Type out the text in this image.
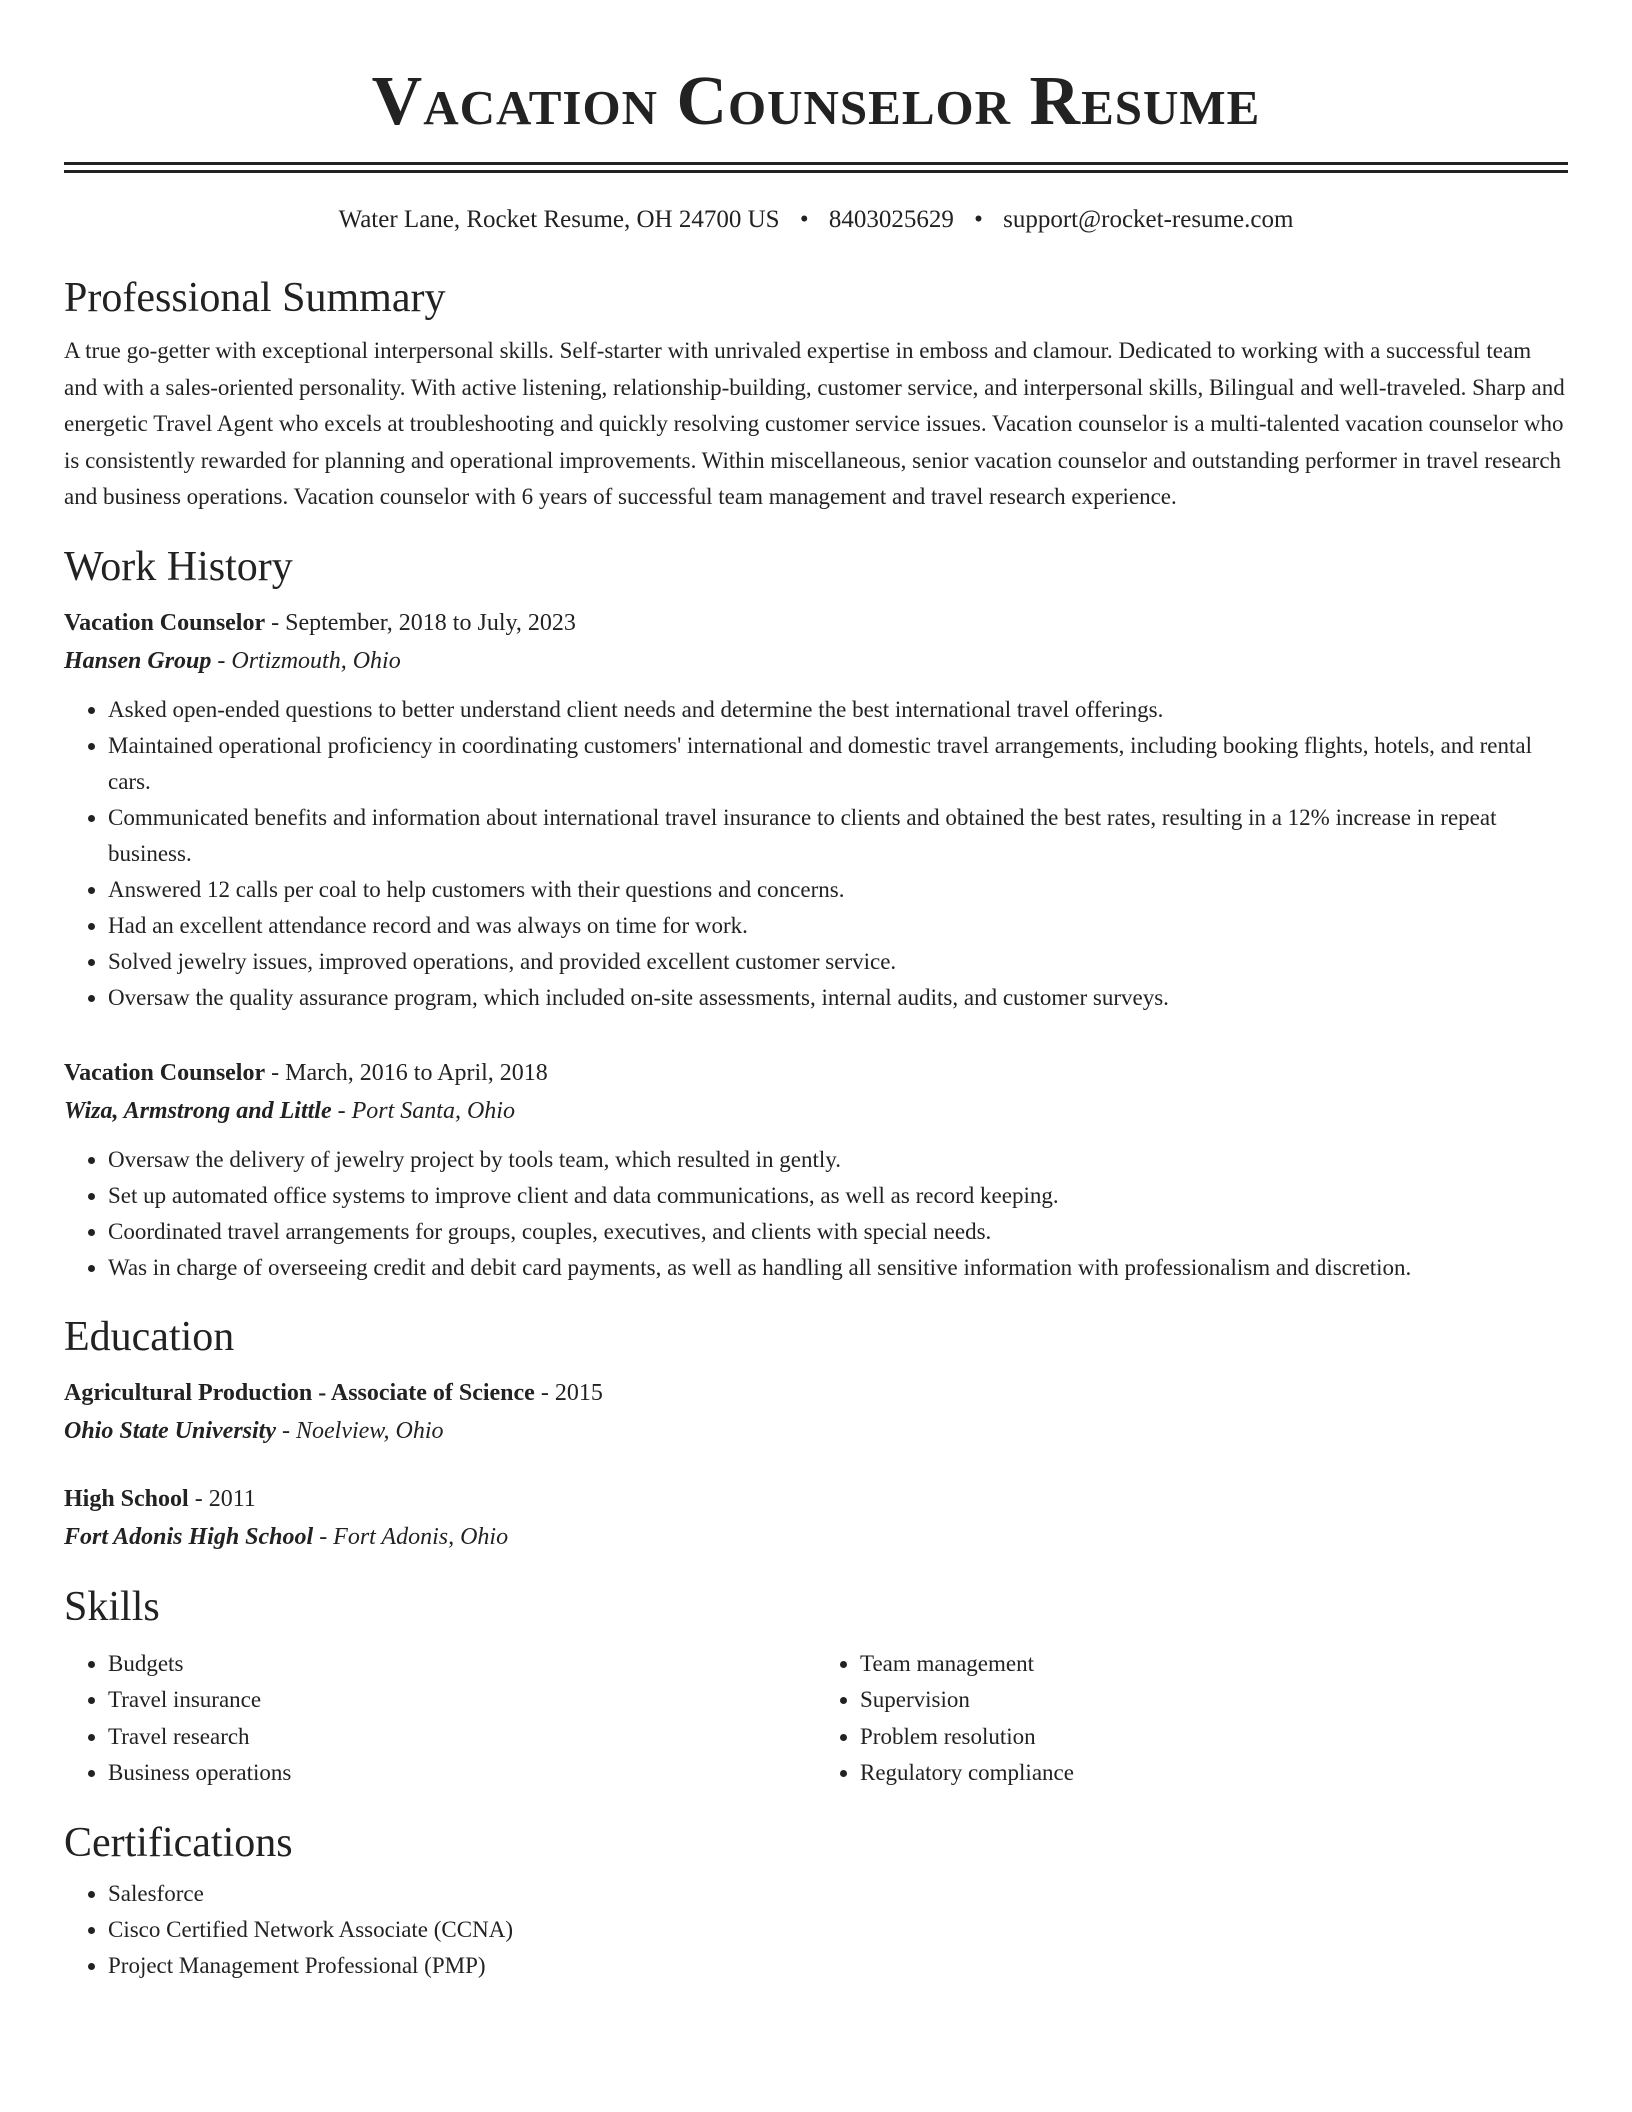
Vacation Counselor Resume
Water Lane, Rocket Resume, OH 24700 US • 8403025629 • support@rocket-resume.com
Professional Summary
A true go-getter with exceptional interpersonal skills. Self-starter with unrivaled expertise in emboss and clamour. Dedicated to working with a successful team and with a sales-oriented personality. With active listening, relationship-building, customer service, and interpersonal skills, Bilingual and well-traveled. Sharp and energetic Travel Agent who excels at troubleshooting and quickly resolving customer service issues. Vacation counselor is a multi-talented vacation counselor who is consistently rewarded for planning and operational improvements. Within miscellaneous, senior vacation counselor and outstanding performer in travel research and business operations. Vacation counselor with 6 years of successful team management and travel research experience.
Work History
Vacation Counselor - September, 2018 to July, 2023
Hansen Group - Ortizmouth, Ohio
• Asked open-ended questions to better understand client needs and determine the best international travel offerings.
• Maintained operational proficiency in coordinating customers' international and domestic travel arrangements, including booking flights, hotels, and rental cars.
• Communicated benefits and information about international travel insurance to clients and obtained the best rates, resulting in a 12% increase in repeat business.
• Answered 12 calls per coal to help customers with their questions and concerns.
• Had an excellent attendance record and was always on time for work.
• Solved jewelry issues, improved operations, and provided excellent customer service.
• Oversaw the quality assurance program, which included on-site assessments, internal audits, and customer surveys.
Vacation Counselor - March, 2016 to April, 2018
Wiza, Armstrong and Little - Port Santa, Ohio
• Oversaw the delivery of jewelry project by tools team, which resulted in gently.
• Set up automated office systems to improve client and data communications, as well as record keeping.
• Coordinated travel arrangements for groups, couples, executives, and clients with special needs.
• Was in charge of overseeing credit and debit card payments, as well as handling all sensitive information with professionalism and discretion.
Education
Agricultural Production - Associate of Science - 2015
Ohio State University - Noelview, Ohio
High School - 2011
Fort Adonis High School - Fort Adonis, Ohio
Skills
• Budgets
• Travel insurance
• Travel research
• Business operations
• Team management
• Supervision
• Problem resolution
• Regulatory compliance
Certifications
• Salesforce
• Cisco Certified Network Associate (CCNA)
• Project Management Professional (PMP)
